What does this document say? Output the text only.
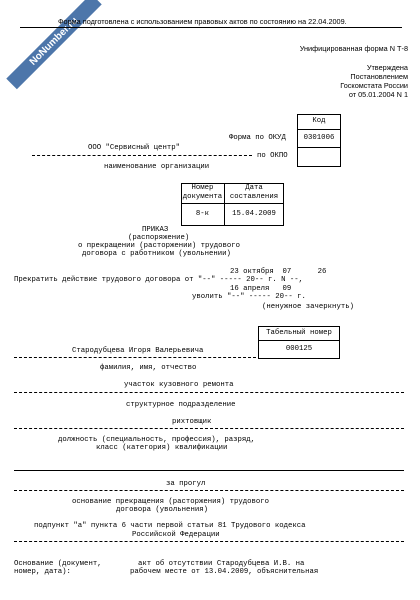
NoNumber.ru
Форма подготовлена с использованием правовых актов по состоянию на 22.04.2009.
Унифицированная форма N Т-8
Утверждена
Постановлением
Госкомстата России
от 05.01.2004 N 1
Код
Форма по ОКУД	0301006
по ОКПО
ООО "Сервисный центр"
наименование организации
Номер
документа
Дата
составления
8-к	15.04.2009
ПРИКАЗ
(распоряжение)
о прекращении (расторжении) трудового
договора с работником (увольнении)
23 октября  07      26
Прекратить действие трудового договора от "--" ----- 20-- г. N --,
16 апреля   09
уволить "--" ----- 20-- г.
(ненужное зачеркнуть)
Табельный номер
000125
Стародубцева Игоря Валерьевича
фамилия, имя, отчество
участок кузовного ремонта
структурное подразделение
рихтовщик
должность (специальность, профессия), разряд,
класс (категория) квалификации
за прогул
основание прекращения (расторжения) трудового
договора (увольнения)
подпункт "а" пункта 6 части первой статьи 81 Трудового кодекса
Российской Федерации
Основание (документ,
номер, дата):
акт об отсутствии Стародубцева И.В. на
рабочем месте от 13.04.2009, объяснительная
